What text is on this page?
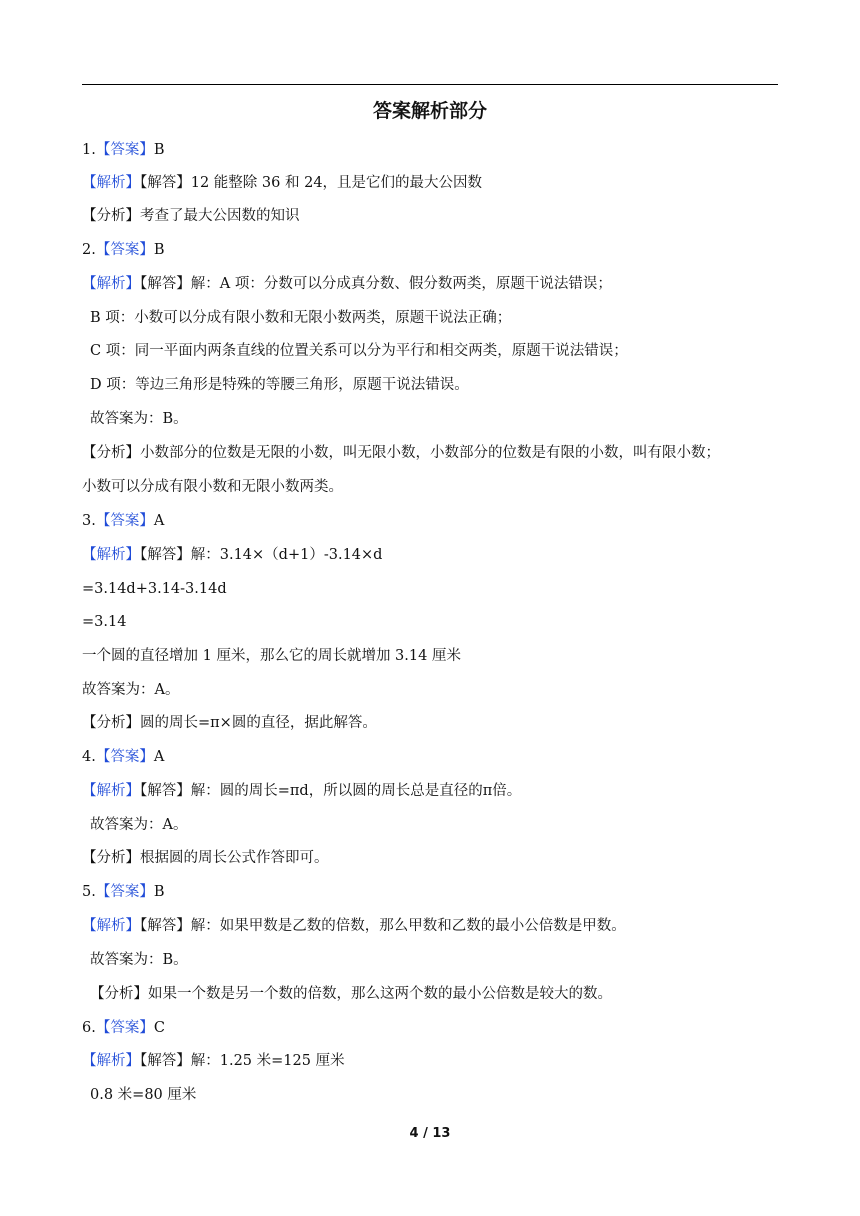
答案解析部分
1.【答案】B
【解析】【解答】12 能整除 36 和 24，且是它们的最大公因数
【分析】考查了最大公因数的知识
2.【答案】B
【解析】【解答】解：A 项：分数可以分成真分数、假分数两类，原题干说法错误；
B 项：小数可以分成有限小数和无限小数两类，原题干说法正确；
C 项：同一平面内两条直线的位置关系可以分为平行和相交两类，原题干说法错误；
D 项：等边三角形是特殊的等腰三角形，原题干说法错误。
故答案为：B。
【分析】小数部分的位数是无限的小数，叫无限小数，小数部分的位数是有限的小数，叫有限小数；
小数可以分成有限小数和无限小数两类。
3.【答案】A
【解析】【解答】解：3.14×（d+1）-3.14×d
=3.14d+3.14-3.14d
=3.14
一个圆的直径增加 1 厘米，那么它的周长就增加 3.14 厘米
故答案为：A。
【分析】圆的周长=π×圆的直径，据此解答。
4.【答案】A
【解析】【解答】解：圆的周长=πd，所以圆的周长总是直径的π倍。
故答案为：A。
【分析】根据圆的周长公式作答即可。
5.【答案】B
【解析】【解答】解：如果甲数是乙数的倍数，那么甲数和乙数的最小公倍数是甲数。
故答案为：B。
【分析】如果一个数是另一个数的倍数，那么这两个数的最小公倍数是较大的数。
6.【答案】C
【解析】【解答】解：1.25 米=125 厘米
0.8 米=80 厘米
4 / 13
